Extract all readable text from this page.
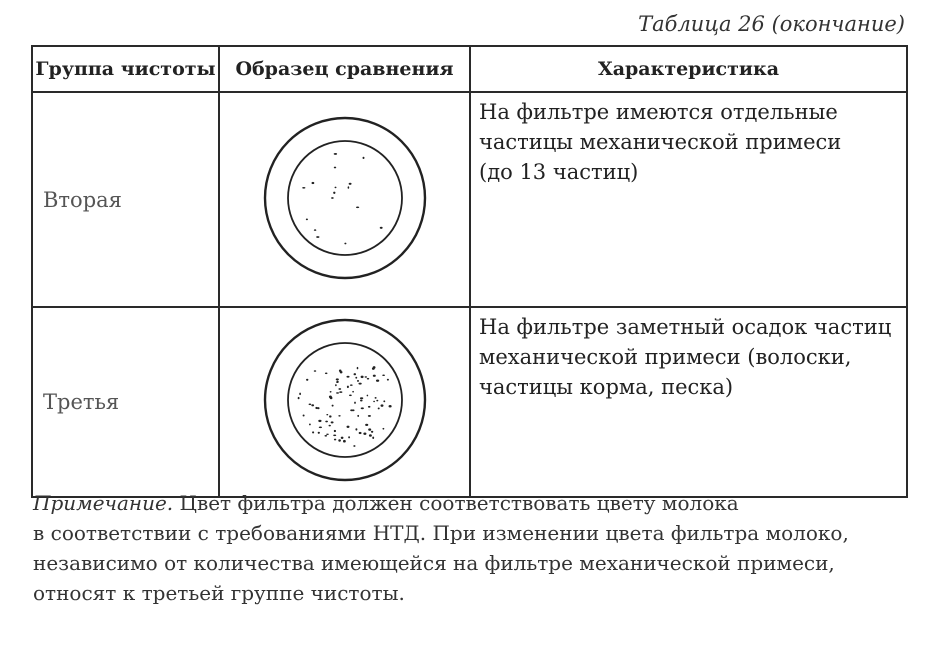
Таблица 26 (окончание)
Группа чистоты	Образец сравнения	Характеристика
Вторая		На фильтре имеются отдельные
частицы механической примеси
(до 13 частиц)

Третья		На фильтре заметный осадок частиц
механической примеси (волоски,
частицы корма, песка)
Примечание. Цвет фильтра должен соответствовать цвету молока
в соответствии с требованиями НТД. При изменении цвета фильтра молоко,
независимо от количества имеющейся на фильтре механической примеси,
относят к третьей группе чистоты.
